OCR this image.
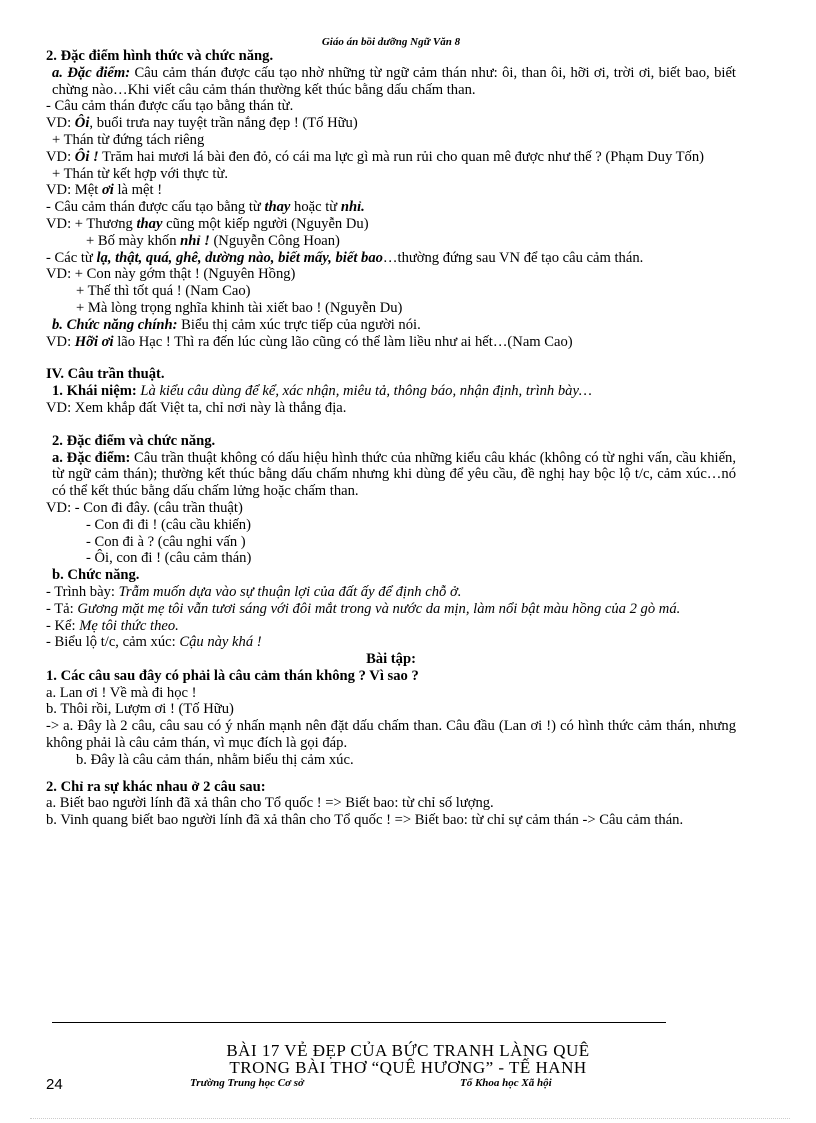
Giáo án bồi dưỡng Ngữ Văn 8

2. Đặc điểm hình thức và chức năng.

a. Đặc điểm: Câu cảm thán được cấu tạo nhờ những từ ngữ cảm thán như: ôi, than ôi, hỡi ơi, trời ơi, biết bao, biết chừng nào…Khi viết câu cảm thán thường kết thúc bằng dấu chấm than.

- Câu cảm thán được cấu tạo bằng thán từ.

VD: Ôi, buổi trưa nay tuyệt trần nắng đẹp ! (Tố Hữu)

+ Thán từ đứng tách riêng

VD: Ôi ! Trăm hai mươi lá bài đen đỏ, có cái ma lực gì mà run rủi cho quan mê được như thế ? (Phạm Duy Tốn)

+ Thán từ kết hợp với thực từ.

VD: Mệt ơi là mệt !

- Câu cảm thán được cấu tạo bằng từ thay hoặc từ nhỉ.

VD: + Thương thay cũng một kiếp người (Nguyễn Du)

+ Bố mày khốn nhỉ ! (Nguyễn Công Hoan)

- Các từ lạ, thật, quá, ghê, dường nào, biết mấy, biết bao…thường đứng sau VN để tạo câu cảm thán.

VD: + Con này gớm thật ! (Nguyên Hồng)

+ Thế thì tốt quá ! (Nam Cao)

+ Mà lòng trọng nghĩa khinh tài xiết bao ! (Nguyễn Du)

b. Chức năng chính: Biểu thị cảm xúc trực tiếp của người nói.

VD: Hỡi ơi lão Hạc ! Thì ra đến lúc cùng lão cũng có thể làm liều như ai hết…(Nam Cao)

IV. Câu trần thuật.

1. Khái niệm: Là kiểu câu dùng để kể, xác nhận, miêu tả, thông báo, nhận định, trình bày…

VD: Xem khắp đất Việt ta, chỉ nơi này là thắng địa.

2. Đặc điểm và chức năng.

a. Đặc điểm: Câu trần thuật không có dấu hiệu hình thức của những kiểu câu khác (không có từ nghi vấn, cầu khiến, từ ngữ cảm thán); thường kết thúc bằng dấu chấm nhưng khi dùng để yêu cầu, đề nghị hay bộc lộ t/c, cảm xúc…nó có thể kết thúc bằng dấu chấm lửng hoặc chấm than.

VD: - Con đi đây. (câu trần thuật)

- Con đi đi ! (câu cầu khiến)

- Con đi à ? (câu nghi vấn )

- Ôi, con đi ! (câu cảm thán)

b. Chức năng.

- Trình bày: Trẫm muốn dựa vào sự thuận lợi của đất ấy để định chỗ ở.

- Tả: Gương mặt mẹ tôi vẫn tươi sáng với đôi mắt trong và nước da mịn, làm nổi bật màu hồng của 2 gò má.

- Kể: Mẹ tôi thức theo.

- Biểu lộ t/c, cảm xúc: Cậu này khá !

Bài tập:

1. Các câu sau đây có phải là câu cảm thán không ? Vì sao ?

a. Lan ơi ! Về mà đi học !

b. Thôi rồi, Lượm ơi ! (Tố Hữu)

-> a. Đây là 2 câu, câu sau có ý nhấn mạnh nên đặt dấu chấm than. Câu đầu (Lan ơi !) có hình thức cảm thán, nhưng không phải là câu cảm thán, vì mục đích là gọi đáp.

b. Đây là câu cảm thán, nhằm biểu thị cảm xúc.

2. Chỉ ra sự khác nhau ở 2 câu sau:

a. Biết bao người lính đã xả thân cho Tổ quốc ! => Biết bao: từ chỉ số lượng.

b. Vinh quang biết bao người lính đã xả thân cho Tổ quốc ! => Biết bao: từ chỉ sự cảm thán -> Câu cảm thán.

BÀI 17 VẺ ĐẸP CỦA BỨC TRANH LÀNG QUÊ
TRONG BÀI THƠ “QUÊ HƯƠNG” - TẾ HANH
24	Trường Trung học Cơ sở	Tổ Khoa học Xã hội
